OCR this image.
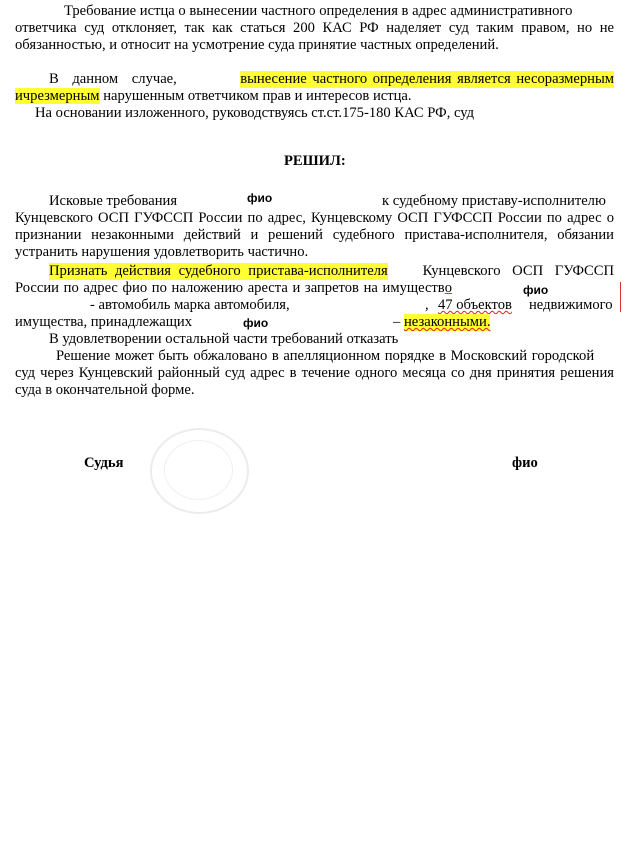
Требование истца о вынесении частного определения в адрес административного
ответчика суд отклоняет, так как статься 200 КАС РФ наделяет суд таким правом, но не
обязанностью, и относит на усмотрение суда принятие частных определений.
В данном случае,	вынесение частного определения является несоразмерным
ичрезмерным нарушенным ответчиком прав и интересов истца.
На основании изложенного, руководствуясь ст.ст.175-180 КАС РФ, суд
РЕШИЛ:
Исковые требования	фио	к судебному приставу-исполнителю
Кунцевского ОСП ГУФССП России по адрес, Кунцевскому ОСП ГУФССП России по адрес о
признании незаконными действий и решений судебного пристава-исполнителя, обязании
устранить нарушения удовлетворить частично.
Признать действия судебного пристава-исполнителя Кунцевского ОСП ГУФССП
России по адрес фио по наложению ареста и запретов на имущество	фио
- автомобиль марка автомобиля,	, 47 объектов недвижимого
имущества, принадлежащих	фио	– незаконными.
В удовлетворении остальной части требований отказать
Решение может быть обжаловано в апелляционном порядке в Московский городской
суд через Кунцевский районный суд адрес в течение одного месяца со дня принятия решения
суда в окончательной форме.
Судья	фио
